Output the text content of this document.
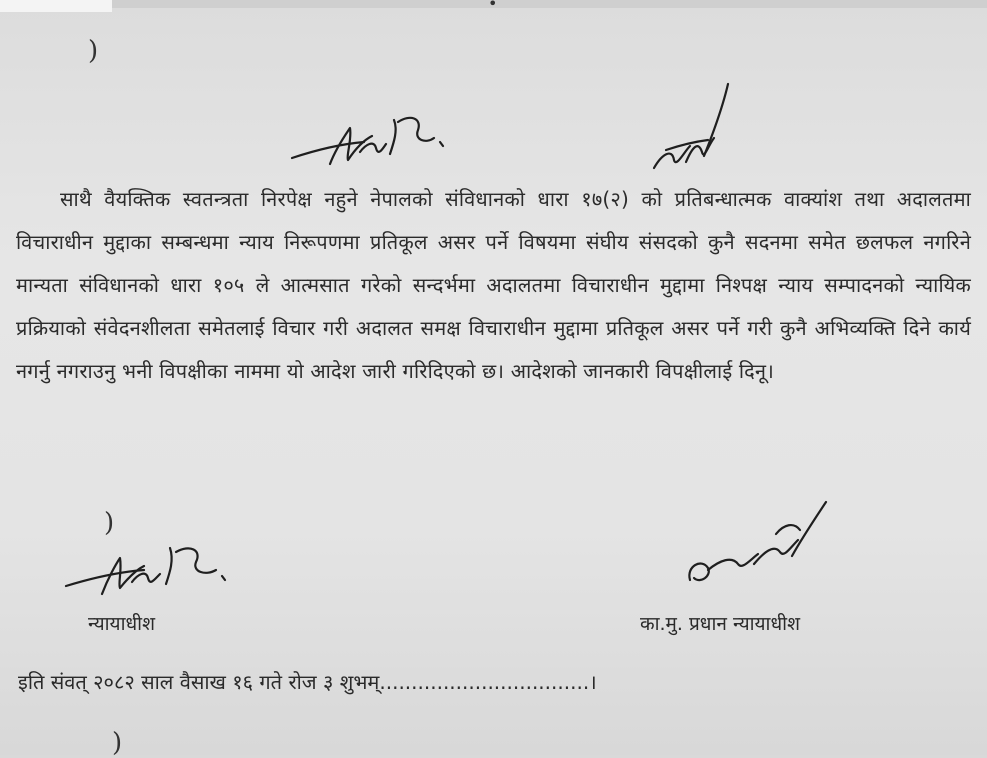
)
•

साथै वैयक्तिक स्वतन्त्रता निरपेक्ष नहुने नेपालको संविधानको धारा १७(२) को प्रतिबन्धात्मक वाक्यांश तथा अदालतमा विचाराधीन मुद्दाका सम्बन्धमा न्याय निरूपणमा प्रतिकूल असर पर्ने विषयमा संघीय संसदको कुनै सदनमा समेत छलफल नगरिने मान्यता संविधानको धारा १०५ ले आत्मसात गरेको सन्दर्भमा अदालतमा विचाराधीन मुद्दामा निश्पक्ष न्याय सम्पादनको न्यायिक प्रक्रियाको संवेदनशीलता समेतलाई विचार गरी अदालत समक्ष विचाराधीन मुद्दामा प्रतिकूल असर पर्ने गरी कुनै अभिव्यक्ति दिने कार्य नगर्नु नगराउनु भनी विपक्षीका नाममा यो आदेश जारी गरिदिएको छ। आदेशको जानकारी विपक्षीलाई दिनू।

)
न्यायाधीश	का.मु. प्रधान न्यायाधीश
इति संवत् २०८२ साल वैसाख १६ गते रोज ३ शुभम्.................................।
)
